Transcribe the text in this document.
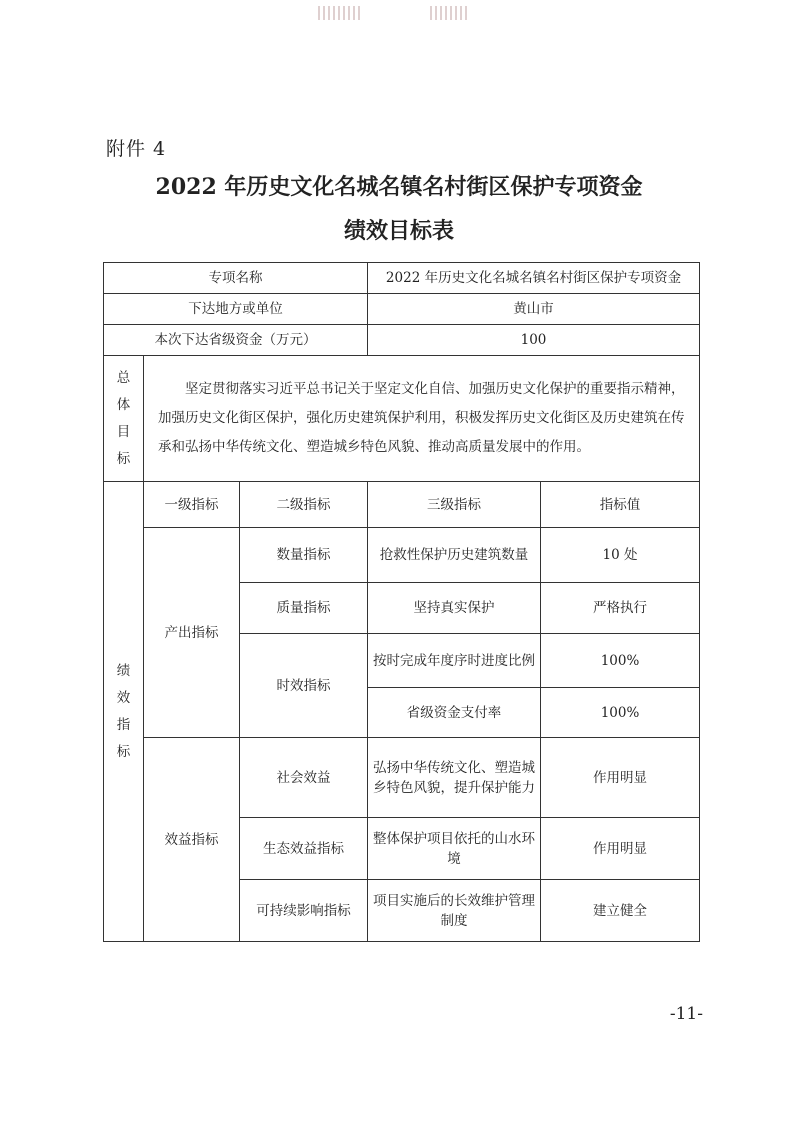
附件 4
2022 年历史文化名城名镇名村街区保护专项资金
绩效目标表
专项名称			2022 年历史文化名城名镇名村街区保护专项资金	
下达地方或单位			黄山市	
本次下达省级资金（万元）			100	

总
体
目
标	坚定贯彻落实习近平总书记关于坚定文化自信、加强历史文化保护的重要指示精神，加强历史文化街区保护，强化历史建筑保护利用，积极发挥历史文化街区及历史建筑在传承和弘扬中华传统文化、塑造城乡特色风貌、推动高质量发展中的作用。			

绩
效
指
标	一级指标	二级指标	三级指标	指标值
	产出指标	数量指标	抢救性保护历史建筑数量	10 处
		质量指标	坚持真实保护	严格执行
		时效指标	按时完成年度序时进度比例	100%
			省级资金支付率	100%
	效益指标	社会效益	弘扬中华传统文化、塑造城乡特色风貌，提升保护能力	作用明显
		生态效益指标	整体保护项目依托的山水环境	作用明显
		可持续影响指标	项目实施后的长效维护管理制度	建立健全
-11-
